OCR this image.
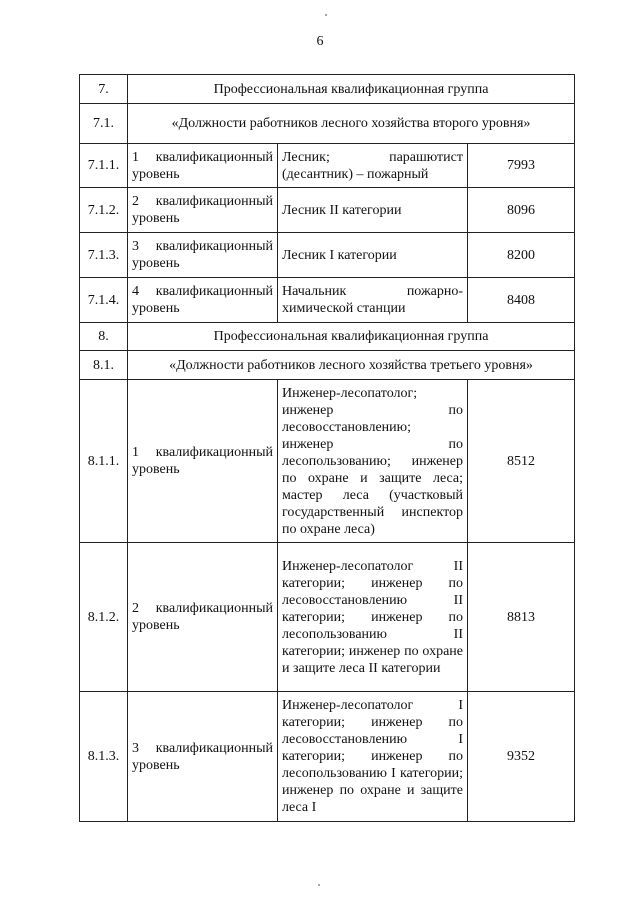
6
7.	Профессиональная квалификационная группа		
7.1.	«Должности работников лесного хозяйства второго уровня»		
7.1.1.	1 квалификационный уровень	Лесник; парашютист (десантник) – пожарный	7993
7.1.2.	2 квалификационный уровень	Лесник II категории	8096
7.1.3.	3 квалификационный уровень	Лесник I категории	8200
7.1.4.	4 квалификационный уровень	Начальник пожарно-химической станции	8408
8.	Профессиональная квалификационная группа		
8.1.	«Должности работников лесного хозяйства третьего уровня»		
8.1.1.	1 квалификационный уровень	Инженер-лесопатолог; инженер по лесовосстановлению; инженер по лесопользованию; инженер по охране и защите леса; мастер леса (участковый государственный инспектор по охране леса)	8512
8.1.2.	2 квалификационный уровень	Инженер-лесопатолог II категории; инженер по лесовосстановлению II категории; инженер по лесопользованию II категории; инженер по охране и защите леса II категории	8813
8.1.3.	3 квалификационный уровень	Инженер-лесопатолог I категории; инженер по лесовосстановлению I категории; инженер по лесопользованию I категории; инженер по охране и защите леса I	9352
